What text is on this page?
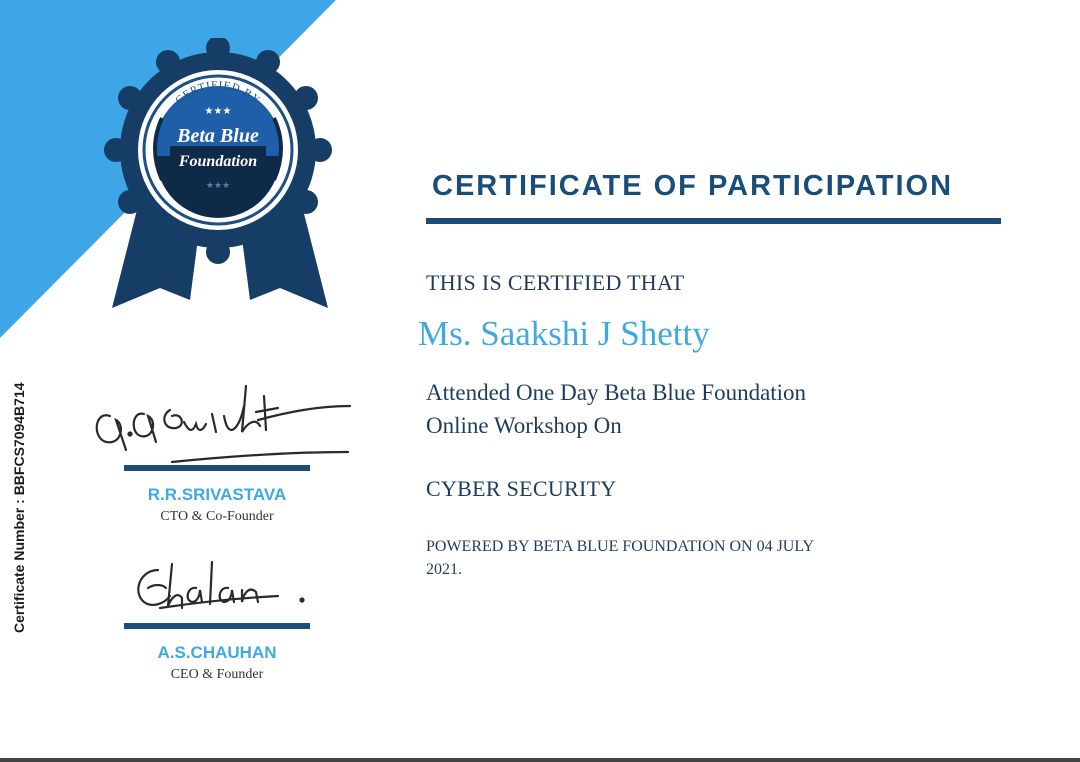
CERTIFIED BY
★★★
Beta Blue
Foundation
★★★
Certificate Number : BBFCS7094B714
CERTIFICATE OF PARTICIPATION
THIS IS CERTIFIED THAT
Ms. Saakshi J Shetty
Attended One Day Beta Blue Foundation Online Workshop On
CYBER SECURITY
POWERED BY BETA BLUE FOUNDATION ON 04 JULY 2021.
R.R.SRIVASTAVA
CTO & Co-Founder
A.S.CHAUHAN
CEO & Founder
